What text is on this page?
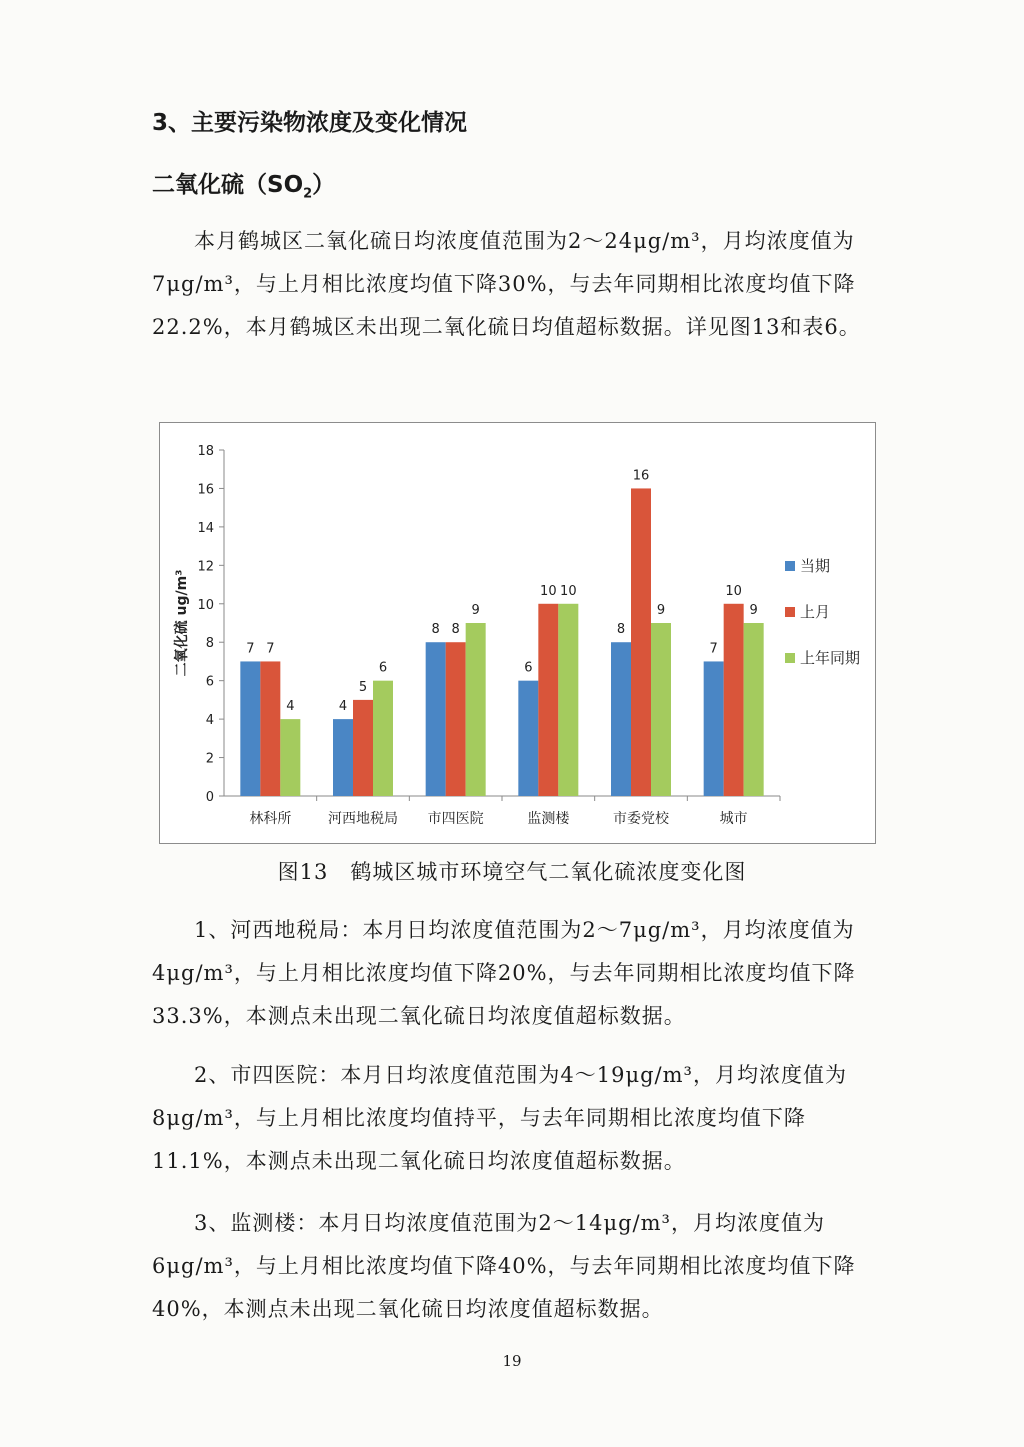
3、主要污染物浓度及变化情况
二氧化硫$(SO_2)$

本月鹤城区二氧化硫日均浓度值范围为2～24μg/m³，月均浓度值为7μg/m³，与上月相比浓度均值下降30%，与去年同期相比浓度均值下降22.2%，本月鹤城区未出现二氧化硫日均值超标数据。详见图13和表6。

0
2
4
6
8
10
12
14
16
18
二氧化硫 ug/m³	7 7
4
林科所
4
5
6
河西地税局
8 8
9
市四医院
6
10 10
监测楼
8
16
9
市委党校
7
10
9
城市
当期
上月
上年同期

图13　鹤城区城市环境空气二氧化硫浓度变化图

1、河西地税局：本月日均浓度值范围为2～7μg/m³，月均浓度值为4μg/m³，与上月相比浓度均值下降20%，与去年同期相比浓度均值下降33.3%，本测点未出现二氧化硫日均浓度值超标数据。

2、市四医院：本月日均浓度值范围为4～19μg/m³，月均浓度值为8μg/m³，与上月相比浓度均值持平，与去年同期相比浓度均值下降11.1%，本测点未出现二氧化硫日均浓度值超标数据。

3、监测楼：本月日均浓度值范围为2～14μg/m³，月均浓度值为6μg/m³，与上月相比浓度均值下降40%，与去年同期相比浓度均值下降40%，本测点未出现二氧化硫日均浓度值超标数据。

19
